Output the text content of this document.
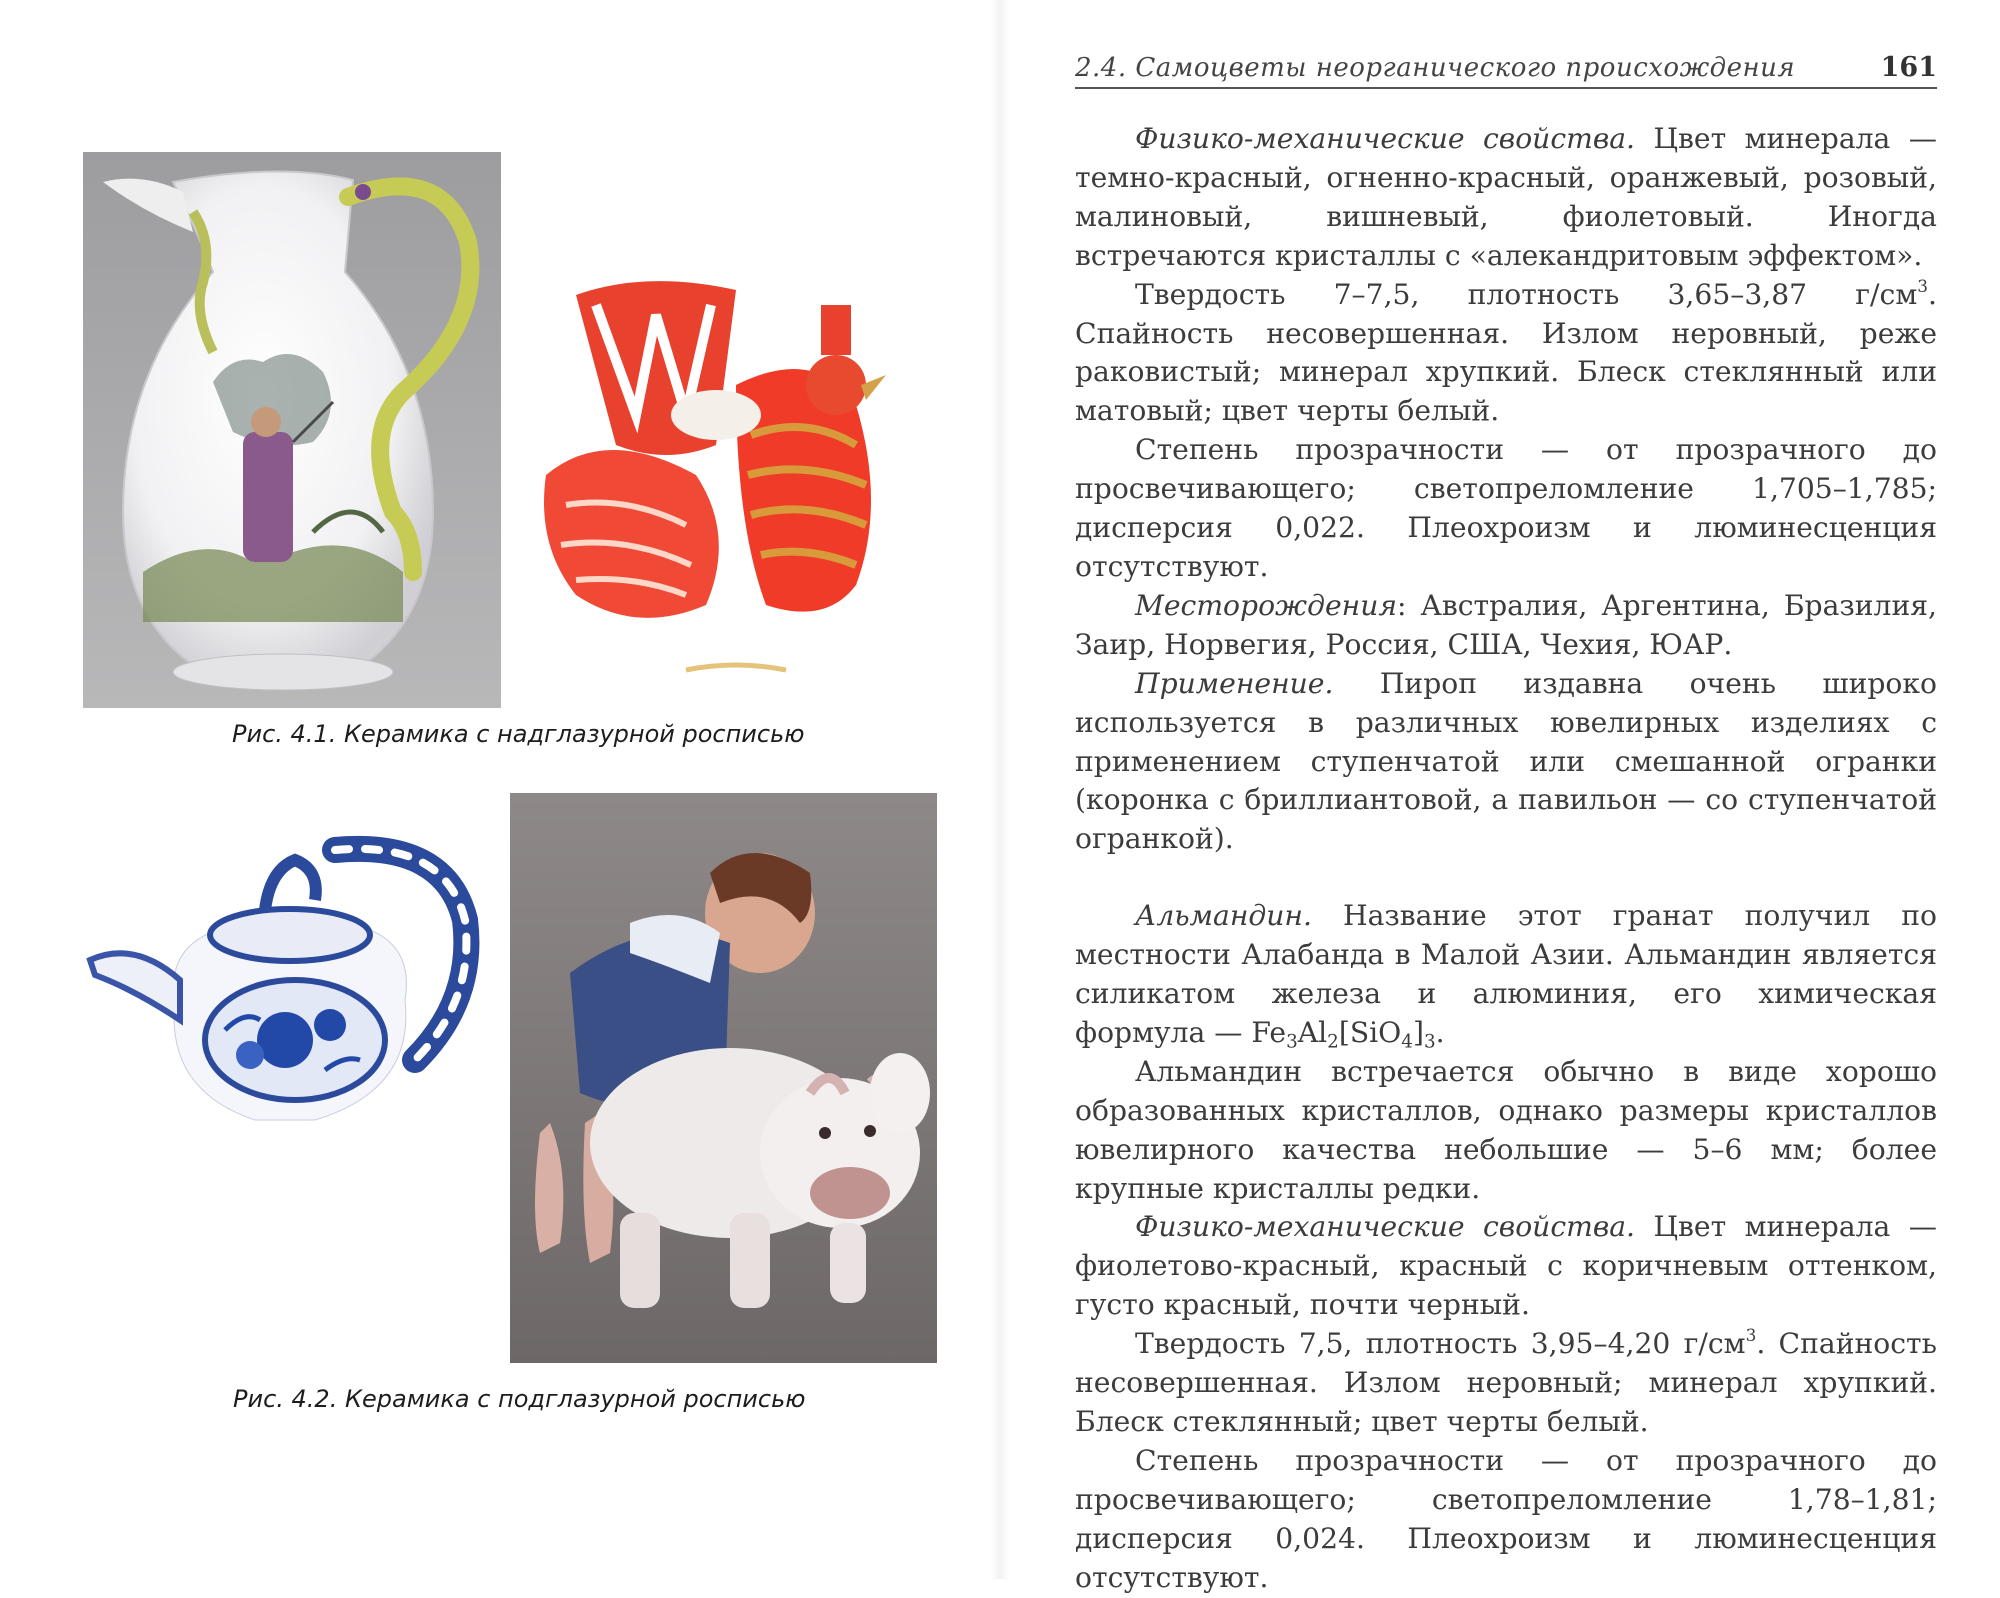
Рис. 4.1. Керамика с надглазурной росписью
Рис. 4.2. Керамика с подглазурной росписью
2.4. Самоцветы неорганического происхождения	161

Физико-механические свойства. Цвет минерала — темно-красный, огненно-красный, оранжевый, розовый, малиновый, вишневый, фиолетовый. Иногда встречаются кристаллы с «алекандритовым эффектом».

Твердость 7–7,5, плотность 3,65–3,87 $г/см^3$. Спайность несовершенная. Излом неровный, реже раковистый; минерал хрупкий. Блеск стеклянный или матовый; цвет черты белый.

Степень прозрачности — от прозрачного до просвечивающего; светопреломление 1,705–1,785; дисперсия 0,022. Плеохроизм и люминесценция отсутствуют.

Месторождения: Австралия, Аргентина, Бразилия, Заир, Норвегия, Россия, США, Чехия, ЮАР.

Применение. Пироп издавна очень широко используется в различных ювелирных изделиях с применением ступенчатой или смешанной огранки (коронка с бриллиантовой, а павильон — со ступенчатой огранкой).

Альмандин. Название этот гранат получил по местности Алабанда в Малой Азии. Альмандин является силикатом железа и алюминия, его химическая формула — $Fe_3Al_2[SiO_4]_3$.

Альмандин встречается обычно в виде хорошо образованных кристаллов, однако размеры кристаллов ювелирного качества небольшие — 5–6 мм; более крупные кристаллы редки.

Физико-механические свойства. Цвет минерала — фиолетово-красный, красный с коричневым оттенком, густо красный, почти черный.

Твердость 7,5, плотность 3,95–4,20 $г/см^3$. Спайность несовершенная. Излом неровный; минерал хрупкий. Блеск стеклянный; цвет черты белый.

Степень прозрачности — от прозрачного до просвечивающего; светопреломление 1,78–1,81; дисперсия 0,024. Плеохроизм и люминесценция отсутствуют.
